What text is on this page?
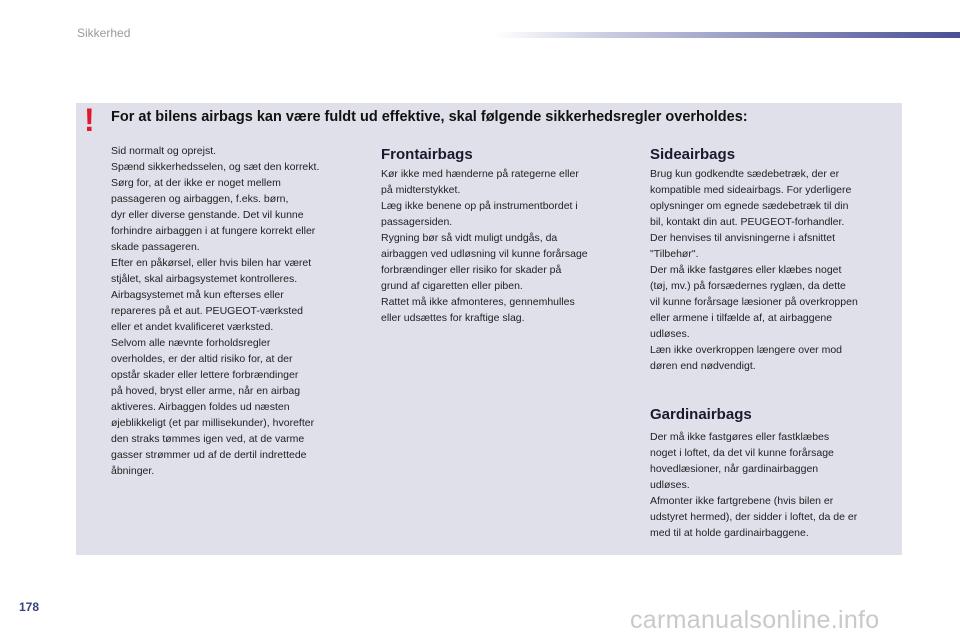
Sikkerhed
! For at bilens airbags kan være fuldt ud effektive, skal følgende sikkerhedsregler overholdes:

Sid normalt og oprejst.
Spænd sikkerhedsselen, og sæt den korrekt.
Sørg for, at der ikke er noget mellem
passageren og airbaggen, f.eks. børn,
dyr eller diverse genstande. Det vil kunne
forhindre airbaggen i at fungere korrekt eller
skade passageren.
Efter en påkørsel, eller hvis bilen har været
stjålet, skal airbagsystemet kontrolleres.
Airbagsystemet må kun efterses eller
repareres på et aut. PEUGEOT-værksted
eller et andet kvalificeret værksted.
Selvom alle nævnte forholdsregler
overholdes, er der altid risiko for, at der
opstår skader eller lettere forbrændinger
på hoved, bryst eller arme, når en airbag
aktiveres. Airbaggen foldes ud næsten
øjeblikkeligt (et par millisekunder), hvorefter
den straks tømmes igen ved, at de varme
gasser strømmer ud af de dertil indrettede
åbninger.

Frontairbags

Kør ikke med hænderne på rategerne eller
på midterstykket.
Læg ikke benene op på instrumentbordet i
passagersiden.
Rygning bør så vidt muligt undgås, da
airbaggen ved udløsning vil kunne forårsage
forbrændinger eller risiko for skader på
grund af cigaretten eller piben.
Rattet må ikke afmonteres, gennemhulles
eller udsættes for kraftige slag.

Sideairbags

Brug kun godkendte sædebetræk, der er
kompatible med sideairbags. For yderligere
oplysninger om egnede sædebetræk til din
bil, kontakt din aut. PEUGEOT-forhandler.
Der henvises til anvisningerne i afsnittet
"Tilbehør".
Der må ikke fastgøres eller klæbes noget
(tøj, mv.) på forsædernes ryglæn, da dette
vil kunne forårsage læsioner på overkroppen
eller armene i tilfælde af, at airbaggene
udløses.
Læn ikke overkroppen længere over mod
døren end nødvendigt.

Gardinairbags

Der må ikke fastgøres eller fastklæbes
noget i loftet, da det vil kunne forårsage
hovedlæsioner, når gardinairbaggen
udløses.
Afmonter ikke fartgrebene (hvis bilen er
udstyret hermed), der sidder i loftet, da de er
med til at holde gardinairbaggene.

178	carmanualsonline.info
